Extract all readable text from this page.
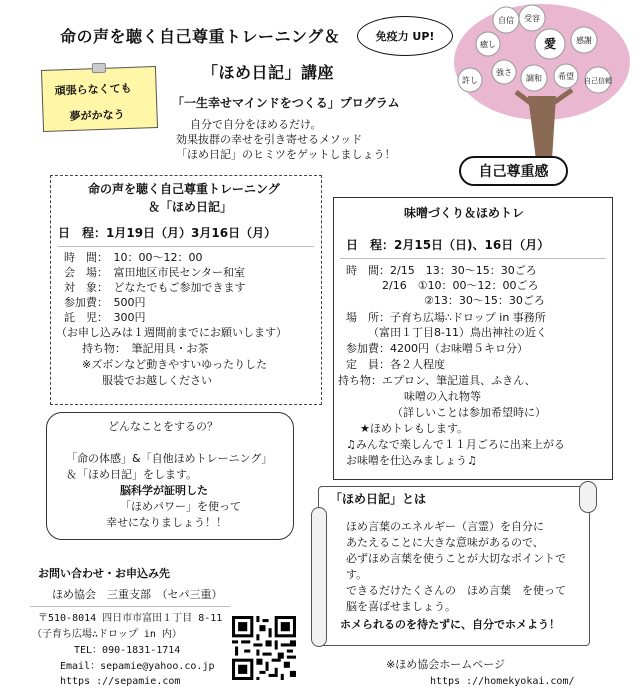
命の声を聴く自己尊重トレーニング＆
「ほめ日記」講座
免疫力 UP!
頑張らなくても
夢がかなう
「一生幸せマインドをつくる」プログラム
自分で自分をほめるだけ。
効果抜群の幸せを引き寄せるメソッド
「ほめ日記」のヒミツをゲットしましょう！
自信 受容
愛 感謝
癒し
許し
強さ
調和 希望 自己信頼
自己尊重感
命の声を聴く自己尊重トレーニング
＆「ほめ日記」
日　程：1月19日（月）3月16日（月）
時　間：　10：00～12：00
会　場：　富田地区市民センター和室
対　象：　どなたでもご参加できます
参加費：　500円
託　児：　300円
（お申し込みは１週間前までにお願いします）
持ち物：　筆記用具・お茶
※ズボンなど動きやすいゆったりした
服装でお越しください
味噌づくり＆ほめトレ
日　程：2月15日（日)、16日（月）
時　間：2/15　13：30～15：30ごろ
2/16　①10：00～12：00ごろ
②13：30～15：30ごろ
場　所：子育ち広場∴ドロップ in 事務所
（富田１丁目8-11）鳥出神社の近く
参加費：4200円（お味噌５キロ分）
定　員：各２人程度
持ち物：エプロン、筆記道具、ふきん、
味噌の入れ物等
（詳しいことは参加希望時に）
★ほめトレもします。
♫みんなで楽しんで１１月ごろに出来上がる
お味噌を仕込みましょう♫
どんなことをするの？
「命の体感」&「自他ほめトレーニング」
＆「ほめ日記」をします。
脳科学が証明した
「ほめパワー」を使って
幸せになりましょう！！
「ほめ日記」とは
ほめ言葉のエネルギー（言霊）を自分に
あたえることに大きな意味があるので、
必ずほめ言葉を使うことが大切なポイントで
す。
できるだけたくさんの　ほめ言葉　を使って
脳を喜ばせましょう。
ホメられるのを待たずに、自分でホメよう！
お問い合わせ・お申込み先
ほめ協会　三重支部　（セパ三重）
〒510-8014 四日市市富田１丁目 8-11
（子育ち広場∴ドロップ in 内）
TEL：090-1831-1714
Email：sepamie@yahoo.co.jp
https ://sepamie.com
※ほめ協会ホームページ
https ://homekyokai.com/
